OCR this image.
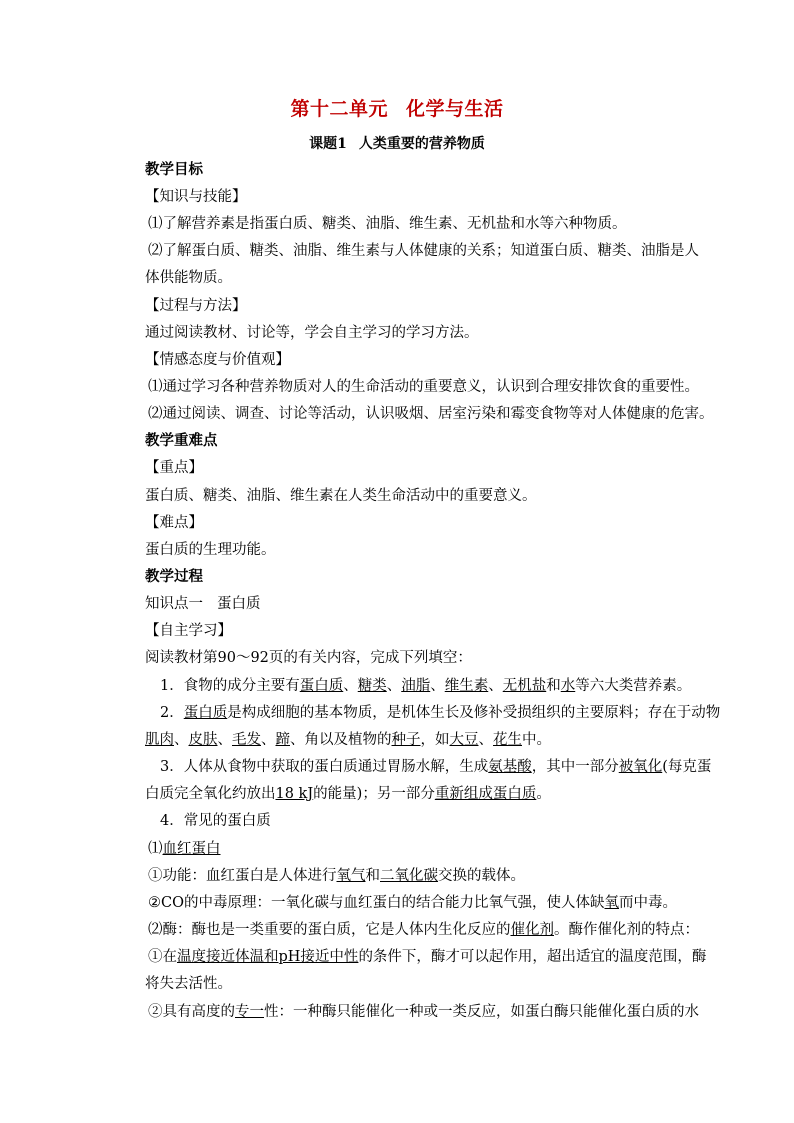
第十二单元 化学与生活
课题1 人类重要的营养物质
教学目标
【知识与技能】
⑴了解营养素是指蛋白质、糖类、油脂、维生素、无机盐和水等六种物质。
⑵了解蛋白质、糖类、油脂、维生素与人体健康的关系；知道蛋白质、糖类、油脂是人
体供能物质。
【过程与方法】
通过阅读教材、讨论等，学会自主学习的学习方法。
【情感态度与价值观】
⑴通过学习各种营养物质对人的生命活动的重要意义，认识到合理安排饮食的重要性。
⑵通过阅读、调查、讨论等活动，认识吸烟、居室污染和霉变食物等对人体健康的危害。
教学重难点
【重点】
蛋白质、糖类、油脂、维生素在人类生命活动中的重要意义。
【难点】
蛋白质的生理功能。
教学过程
知识点一 蛋白质
【自主学习】
阅读教材第90～92页的有关内容，完成下列填空：
1．食物的成分主要有蛋白质、糖类、油脂、维生素、无机盐和水等六大类营养素。
2．蛋白质是构成细胞的基本物质，是机体生长及修补受损组织的主要原料；存在于动物
肌肉、皮肤、毛发、蹄、角以及植物的种子，如大豆、花生中。
3．人体从食物中获取的蛋白质通过胃肠水解，生成氨基酸，其中一部分被氧化(每克蛋
白质完全氧化约放出18 kJ的能量)；另一部分重新组成蛋白质。
4．常见的蛋白质
⑴血红蛋白
①功能：血红蛋白是人体进行氧气和二氧化碳交换的载体。
②CO的中毒原理：一氧化碳与血红蛋白的结合能力比氧气强，使人体缺氧而中毒。
⑵酶：酶也是一类重要的蛋白质，它是人体内生化反应的催化剂。酶作催化剂的特点：
①在温度接近体温和pH接近中性的条件下，酶才可以起作用，超出适宜的温度范围，酶
将失去活性。
②具有高度的专一性：一种酶只能催化一种或一类反应，如蛋白酶只能催化蛋白质的水
